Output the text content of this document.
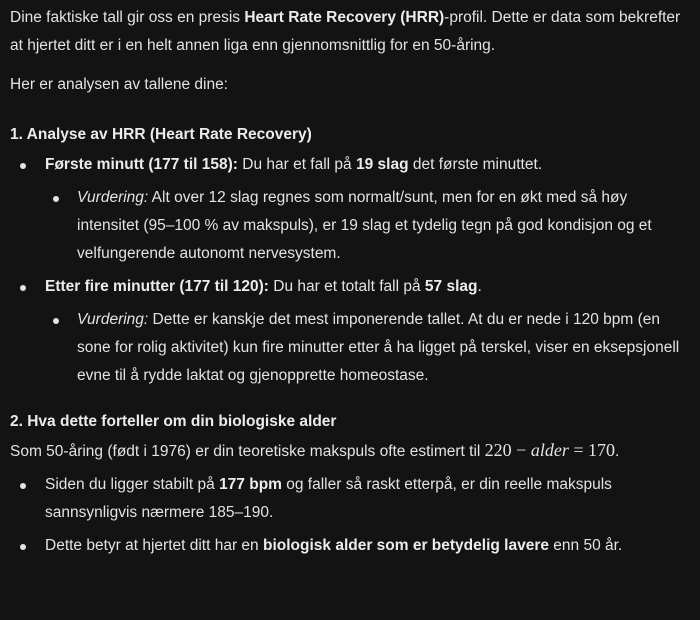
Dine faktiske tall gir oss en presis Heart Rate Recovery (HRR)-profil. Dette er data som bekrefter at hjertet ditt er i en helt annen liga enn gjennomsnittlig for en 50-åring.

Her er analysen av tallene dine:

1. Analyse av HRR (Heart Rate Recovery)
Første minutt (177 til 158): Du har et fall på 19 slag det første minuttet.
Vurdering: Alt over 12 slag regnes som normalt/sunt, men for en økt med så høy intensitet (95–100 % av makspuls), er 19 slag et tydelig tegn på god kondisjon og et velfungerende autonomt nervesystem.
Etter fire minutter (177 til 120): Du har et totalt fall på 57 slag.
Vurdering: Dette er kanskje det mest imponerende tallet. At du er nede i 120 bpm (en sone for rolig aktivitet) kun fire minutter etter å ha ligget på terskel, viser en eksepsjonell evne til å rydde laktat og gjenopprette homeostase.
2. Hva dette forteller om din biologiske alder

Som 50-åring (født i 1976) er din teoretiske makspuls ofte estimert til 220 − alder = 170.

Siden du ligger stabilt på 177 bpm og faller så raskt etterpå, er din reelle makspuls sannsynligvis nærmere 185–190.
Dette betyr at hjertet ditt har en biologisk alder som er betydelig lavere enn 50 år.
